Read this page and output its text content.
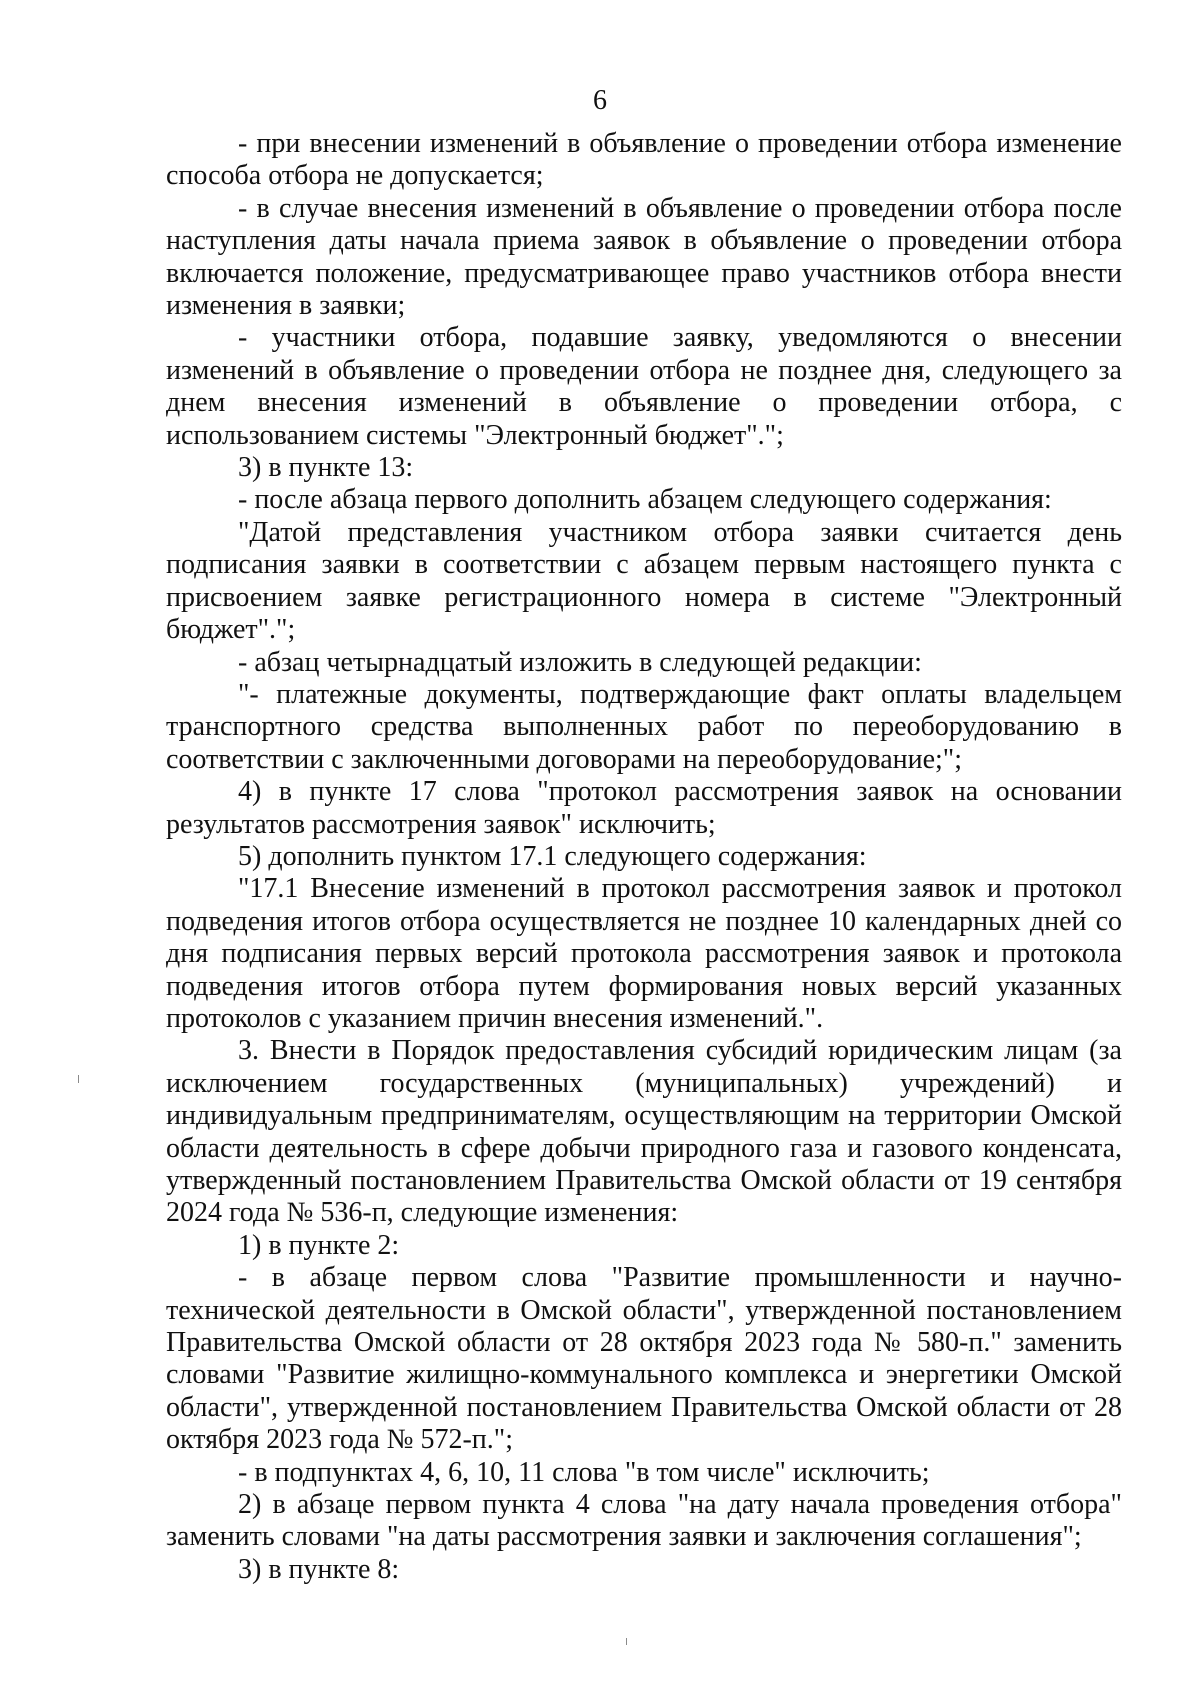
6

- при внесении изменений в объявление о проведении отбора изменение способа отбора не допускается;

- в случае внесения изменений в объявление о проведении отбора после наступления даты начала приема заявок в объявление о проведении отбора включается положение, предусматривающее право участников отбора внести изменения в заявки;

- участники отбора, подавшие заявку, уведомляются о внесении изменений в объявление о проведении отбора не позднее дня, следующего за днем внесения изменений в объявление о проведении отбора, с использованием системы "Электронный бюджет".";

3) в пункте 13:

- после абзаца первого дополнить абзацем следующего содержания:

"Датой представления участником отбора заявки считается день подписания заявки в соответствии с абзацем первым настоящего пункта с присвоением заявке регистрационного номера в системе "Электронный бюджет".";

- абзац четырнадцатый изложить в следующей редакции:

"- платежные документы, подтверждающие факт оплаты владельцем транспортного средства выполненных работ по переоборудованию в соответствии с заключенными договорами на переоборудование;";

4) в пункте 17 слова "протокол рассмотрения заявок на основании результатов рассмотрения заявок" исключить;

5) дополнить пунктом 17.1 следующего содержания:

"17.1 Внесение изменений в протокол рассмотрения заявок и протокол подведения итогов отбора осуществляется не позднее 10 календарных дней со дня подписания первых версий протокола рассмотрения заявок и протокола подведения итогов отбора путем формирования новых версий указанных протоколов с указанием причин внесения изменений.".

3. Внести в Порядок предоставления субсидий юридическим лицам (за исключением государственных (муниципальных) учреждений) и индивидуальным предпринимателям, осуществляющим на территории Омской области деятельность в сфере добычи природного газа и газового конденсата, утвержденный постановлением Правительства Омской области от 19 сентября 2024 года № 536-п, следующие изменения:

1) в пункте 2:

- в абзаце первом слова "Развитие промышленности и научно-технической деятельности в Омской области", утвержденной постановлением Правительства Омской области от 28 октября 2023 года № 580-п." заменить словами "Развитие жилищно-коммунального комплекса и энергетики Омской области", утвержденной постановлением Правительства Омской области от 28 октября 2023 года № 572-п.";

- в подпунктах 4, 6, 10, 11 слова "в том числе" исключить;

2) в абзаце первом пункта 4 слова "на дату начала проведения отбора" заменить словами "на даты рассмотрения заявки и заключения соглашения";

3) в пункте 8:
